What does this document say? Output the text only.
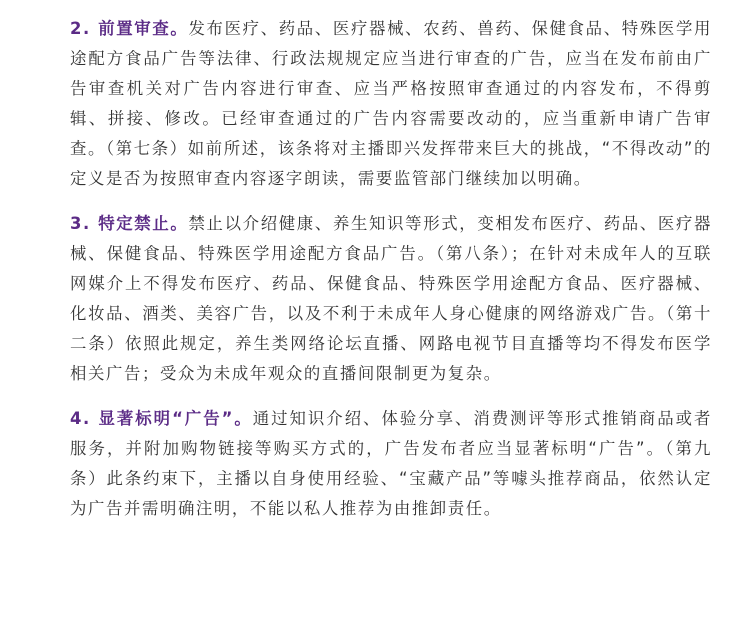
2. 前置审查。发布医疗、药品、医疗器械、农药、兽药、保健食品、特殊医学用途配方食品广告等法律、行政法规规定应当进行审查的广告，应当在发布前由广告审查机关对广告内容进行审查、应当严格按照审查通过的内容发布，不得剪辑、拼接、修改。已经审查通过的广告内容需要改动的，应当重新申请广告审查。（第七条）如前所述，该条将对主播即兴发挥带来巨大的挑战，“不得改动”的定义是否为按照审查内容逐字朗读，需要监管部门继续加以明确。

3. 特定禁止。禁止以介绍健康、养生知识等形式，变相发布医疗、药品、医疗器械、保健食品、特殊医学用途配方食品广告。（第八条）；在针对未成年人的互联网媒介上不得发布医疗、药品、保健食品、特殊医学用途配方食品、医疗器械、化妆品、酒类、美容广告，以及不利于未成年人身心健康的网络游戏广告。（第十二条）依照此规定，养生类网络论坛直播、网路电视节目直播等均不得发布医学相关广告；受众为未成年观众的直播间限制更为复杂。

4. 显著标明“广告”。通过知识介绍、体验分享、消费测评等形式推销商品或者服务，并附加购物链接等购买方式的，广告发布者应当显著标明“广告”。（第九条）此条约束下，主播以自身使用经验、“宝藏产品”等噱头推荐商品，依然认定为广告并需明确注明，不能以私人推荐为由推卸责任。
